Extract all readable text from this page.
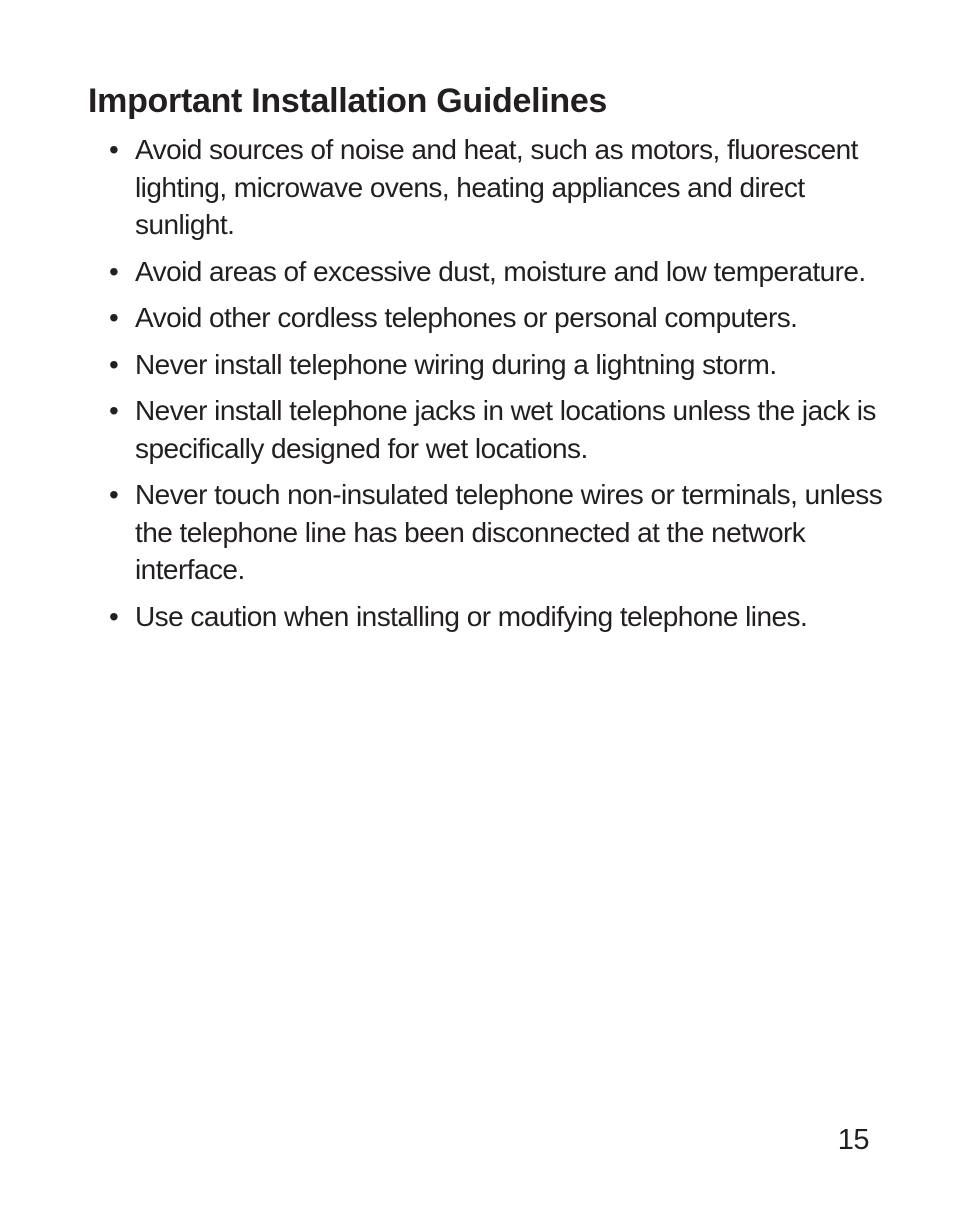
Important Installation Guidelines
• Avoid sources of noise and heat, such as motors, fluorescent lighting, microwave ovens, heating appliances and direct sunlight.
• Avoid areas of excessive dust, moisture and low temperature.
• Avoid other cordless telephones or personal computers.
• Never install telephone wiring during a lightning storm.
• Never install telephone jacks in wet locations unless the jack is specifically designed for wet locations.
• Never touch non-insulated telephone wires or terminals, unless the telephone line has been disconnected at the network interface.
• Use caution when installing or modifying telephone lines.
15
